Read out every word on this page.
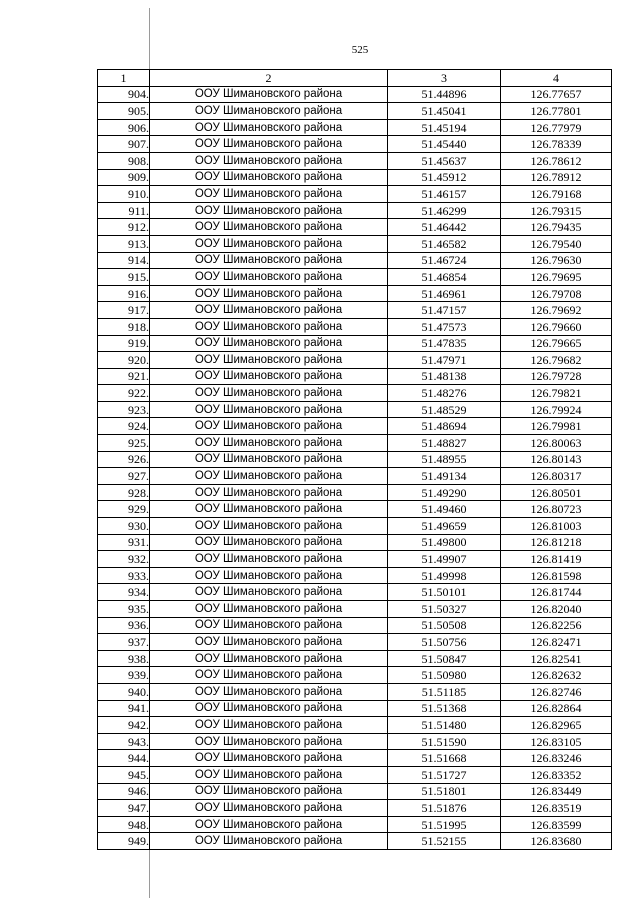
525
1	2	3	4
904.	ООУ Шимановского района	51.44896	126.77657
905.	ООУ Шимановского района	51.45041	126.77801
906.	ООУ Шимановского района	51.45194	126.77979
907.	ООУ Шимановского района	51.45440	126.78339
908.	ООУ Шимановского района	51.45637	126.78612
909.	ООУ Шимановского района	51.45912	126.78912
910.	ООУ Шимановского района	51.46157	126.79168
911.	ООУ Шимановского района	51.46299	126.79315
912.	ООУ Шимановского района	51.46442	126.79435
913.	ООУ Шимановского района	51.46582	126.79540
914.	ООУ Шимановского района	51.46724	126.79630
915.	ООУ Шимановского района	51.46854	126.79695
916.	ООУ Шимановского района	51.46961	126.79708
917.	ООУ Шимановского района	51.47157	126.79692
918.	ООУ Шимановского района	51.47573	126.79660
919.	ООУ Шимановского района	51.47835	126.79665
920.	ООУ Шимановского района	51.47971	126.79682
921.	ООУ Шимановского района	51.48138	126.79728
922.	ООУ Шимановского района	51.48276	126.79821
923.	ООУ Шимановского района	51.48529	126.79924
924.	ООУ Шимановского района	51.48694	126.79981
925.	ООУ Шимановского района	51.48827	126.80063
926.	ООУ Шимановского района	51.48955	126.80143
927.	ООУ Шимановского района	51.49134	126.80317
928.	ООУ Шимановского района	51.49290	126.80501
929.	ООУ Шимановского района	51.49460	126.80723
930.	ООУ Шимановского района	51.49659	126.81003
931.	ООУ Шимановского района	51.49800	126.81218
932.	ООУ Шимановского района	51.49907	126.81419
933.	ООУ Шимановского района	51.49998	126.81598
934.	ООУ Шимановского района	51.50101	126.81744
935.	ООУ Шимановского района	51.50327	126.82040
936.	ООУ Шимановского района	51.50508	126.82256
937.	ООУ Шимановского района	51.50756	126.82471
938.	ООУ Шимановского района	51.50847	126.82541
939.	ООУ Шимановского района	51.50980	126.82632
940.	ООУ Шимановского района	51.51185	126.82746
941.	ООУ Шимановского района	51.51368	126.82864
942.	ООУ Шимановского района	51.51480	126.82965
943.	ООУ Шимановского района	51.51590	126.83105
944.	ООУ Шимановского района	51.51668	126.83246
945.	ООУ Шимановского района	51.51727	126.83352
946.	ООУ Шимановского района	51.51801	126.83449
947.	ООУ Шимановского района	51.51876	126.83519
948.	ООУ Шимановского района	51.51995	126.83599
949.	ООУ Шимановского района	51.52155	126.83680
